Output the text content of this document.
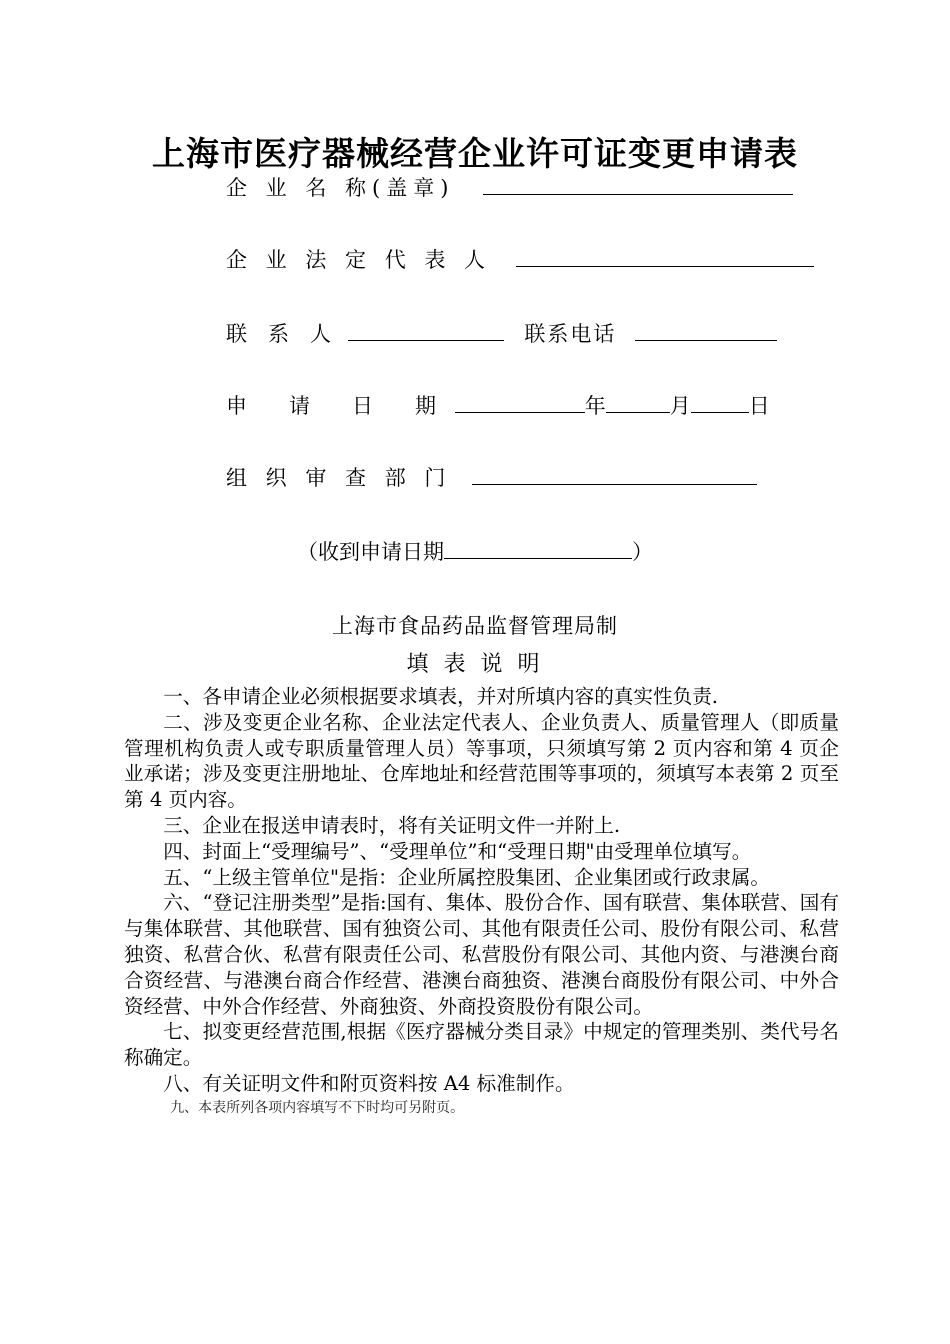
上海市医疗器械经营企业许可证变更申请表
企 业 名 称(盖章)
企 业 法 定 代 表 人
联　系　人	联系电话
申　　请　　日　　期	年	月	日
组 织 审 查 部 门
（收到申请日期	）
上海市食品药品监督管理局制
填 表 说 明

一、各申请企业必须根据要求填表，并对所填内容的真实性负责.

二、涉及变更企业名称、企业法定代表人、企业负责人、质量管理人（即质量管理机构负责人或专职质量管理人员）等事项，只须填写第 2 页内容和第 4 页企业承诺；涉及变更注册地址、仓库地址和经营范围等事项的，须填写本表第 2 页至第 4 页内容。

三、企业在报送申请表时，将有关证明文件一并附上.

四、封面上“受理编号”、“受理单位”和“受理日期"由受理单位填写。

五、“上级主管单位"是指：企业所属控股集团、企业集团或行政隶属。

六、“登记注册类型”是指:国有、集体、股份合作、国有联营、集体联营、国有与集体联营、其他联营、国有独资公司、其他有限责任公司、股份有限公司、私营独资、私营合伙、私营有限责任公司、私营股份有限公司、其他内资、与港澳台商合资经营、与港澳台商合作经营、港澳台商独资、港澳台商股份有限公司、中外合资经营、中外合作经营、外商独资、外商投资股份有限公司。

七、拟变更经营范围,根据《医疗器械分类目录》中规定的管理类别、类代号名称确定。

八、有关证明文件和附页资料按 A4 标准制作。

九、本表所列各项内容填写不下时均可另附页。
